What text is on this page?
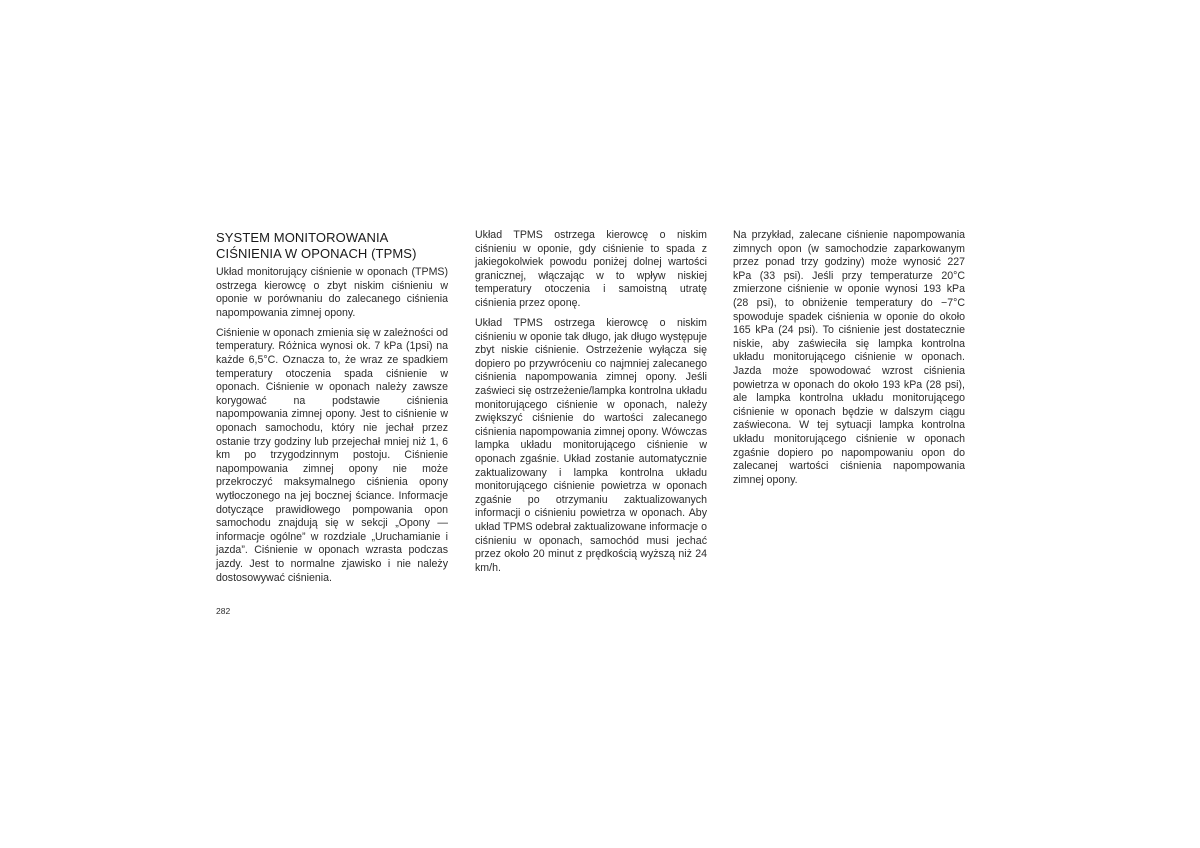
SYSTEM MONITOROWANIA
CIŚNIENIA W OPONACH (TPMS)

Układ monitorujący ciśnienie w oponach (TPMS) ostrzega kierowcę o zbyt niskim ciśnieniu w oponie w porównaniu do zalecanego ciśnienia napompowania zimnej opony.

Ciśnienie w oponach zmienia się w zależności od temperatury. Różnica wynosi ok. 7 kPa (1psi) na każde 6,5°C. Oznacza to, że wraz ze spadkiem temperatury otoczenia spada ciśnienie w oponach. Ciśnienie w oponach należy zawsze korygować na podstawie ciśnienia napompowania zimnej opony. Jest to ciśnienie w oponach samochodu, który nie jechał przez ostanie trzy godziny lub przejechał mniej niż 1, 6 km po trzygodzinnym postoju. Ciśnienie napompowania zimnej opony nie może przekroczyć maksymalnego ciśnienia opony wytłoczonego na jej bocznej ściance. Informacje dotyczące prawidłowego pompowania opon samochodu znajdują się w sekcji „Opony — informacje ogólne” w rozdziale „Uruchamianie i jazda”. Ciśnienie w oponach wzrasta podczas jazdy. Jest to normalne zjawisko i nie należy dostosowywać ciśnienia.

Układ TPMS ostrzega kierowcę o niskim ciśnieniu w oponie, gdy ciśnienie to spada z jakiegokolwiek powodu poniżej dolnej wartości granicznej, włączając w to wpływ niskiej temperatury otoczenia i samoistną utratę ciśnienia przez oponę.

Układ TPMS ostrzega kierowcę o niskim ciśnieniu w oponie tak długo, jak długo występuje zbyt niskie ciśnienie. Ostrzeżenie wyłącza się dopiero po przywróceniu co najmniej zalecanego ciśnienia napompowania zimnej opony. Jeśli zaświeci się ostrzeżenie/lampka kontrolna układu monitorującego ciśnienie w oponach, należy zwiększyć ciśnienie do wartości zalecanego ciśnienia napompowania zimnej opony. Wówczas lampka układu monitorującego ciśnienie w oponach zgaśnie. Układ zostanie automatycznie zaktualizowany i lampka kontrolna układu monitorującego ciśnienie powietrza w oponach zgaśnie po otrzymaniu zaktualizowanych informacji o ciśnieniu powietrza w oponach. Aby układ TPMS odebrał zaktualizowane informacje o ciśnieniu w oponach, samochód musi jechać przez około 20 minut z prędkością wyższą niż 24 km/h.

Na przykład, zalecane ciśnienie napompowania zimnych opon (w samochodzie zaparkowanym przez ponad trzy godziny) może wynosić 227 kPa (33 psi). Jeśli przy temperaturze 20°C zmierzone ciśnienie w oponie wynosi 193 kPa (28 psi), to obniżenie temperatury do −7°C spowoduje spadek ciśnienia w oponie do około 165 kPa (24 psi). To ciśnienie jest dostatecznie niskie, aby zaświeciła się lampka kontrolna układu monitorującego ciśnienie w oponach. Jazda może spowodować wzrost ciśnienia powietrza w oponach do około 193 kPa (28 psi), ale lampka kontrolna układu monitorującego ciśnienie w oponach będzie w dalszym ciągu zaświecona. W tej sytuacji lampka kontrolna układu monitorującego ciśnienie w oponach zgaśnie dopiero po napompowaniu opon do zalecanej wartości ciśnienia napompowania zimnej opony.

282
